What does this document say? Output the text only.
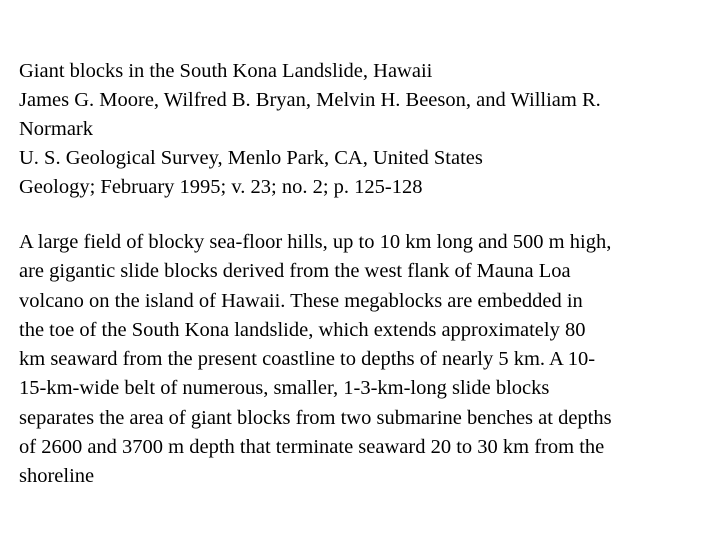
Giant blocks in the South Kona Landslide, Hawaii
James G. Moore, Wilfred B. Bryan, Melvin H. Beeson, and William R.
Normark
U. S. Geological Survey, Menlo Park, CA, United States
Geology; February 1995; v. 23; no. 2; p. 125-128
A large field of blocky sea-floor hills, up to 10 km long and 500 m high,
are gigantic slide blocks derived from the west flank of Mauna Loa
volcano on the island of Hawaii. These megablocks are embedded in
the toe of the South Kona landslide, which extends approximately 80
km seaward from the present coastline to depths of nearly 5 km. A 10-
15-km-wide belt of numerous, smaller, 1-3-km-long slide blocks
separates the area of giant blocks from two submarine benches at depths
of 2600 and 3700 m depth that terminate seaward 20 to 30 km from the
shoreline
